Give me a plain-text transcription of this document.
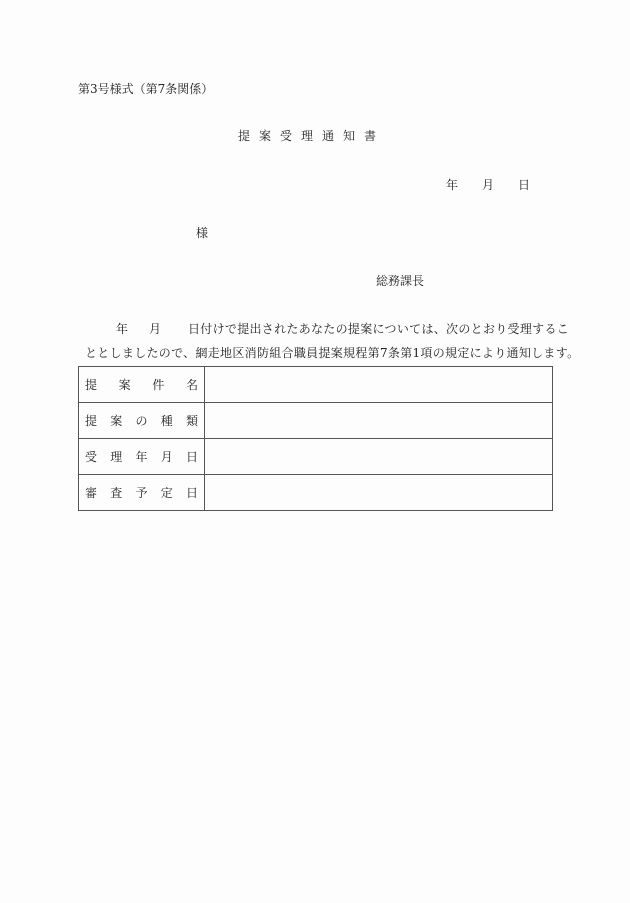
第3号様式（第7条関係）
提案受理通知書
年	月	日
様
総務課長
年 月 日付けで提出されたあなたの提案については、次のとおり受理するこ
ととしましたので、網走地区消防組合職員提案規程第7条第1項の規定により通知します。
提 案 件 名	

提 案 の 種 類	

受 理 年 月 日	

審 査 予 定 日	
